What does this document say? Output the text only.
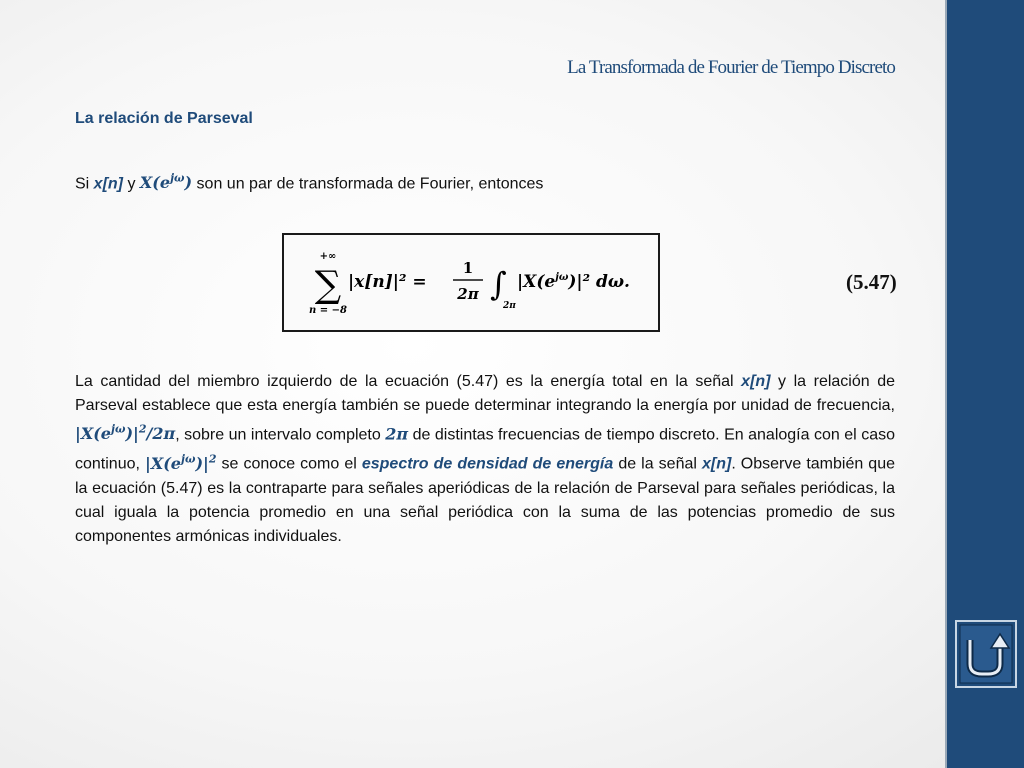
La Transformada de Fourier de Tiempo Discreto
La relación de Parseval
Si x[n] y $X(e^{j\omega})$ son un par de transformada de Fourier, entonces
+∞
∑
n = −8
|x[n]|² =
1
2π ∫
2π
$|X(e^{j\omega})|^2$ dω.	(5.47)
La cantidad del miembro izquierdo de la ecuación (5.47) es la energía total en la señal x[n] y la relación de Parseval establece que esta energía también se puede determinar integrando la energía por unidad de frecuencia, $|X(e^{j\omega})|^2/2\pi$, sobre un intervalo completo 2π de distintas frecuencias de tiempo discreto. En analogía con el caso continuo, $|X(e^{j\omega})|^2$ se conoce como el espectro de densidad de energía de la señal x[n]. Observe también que la ecuación (5.47) es la contraparte para señales aperiódicas de la relación de Parseval para señales periódicas, la cual iguala la potencia promedio en una señal periódica con la suma de las potencias promedio de sus componentes armónicas individuales.
